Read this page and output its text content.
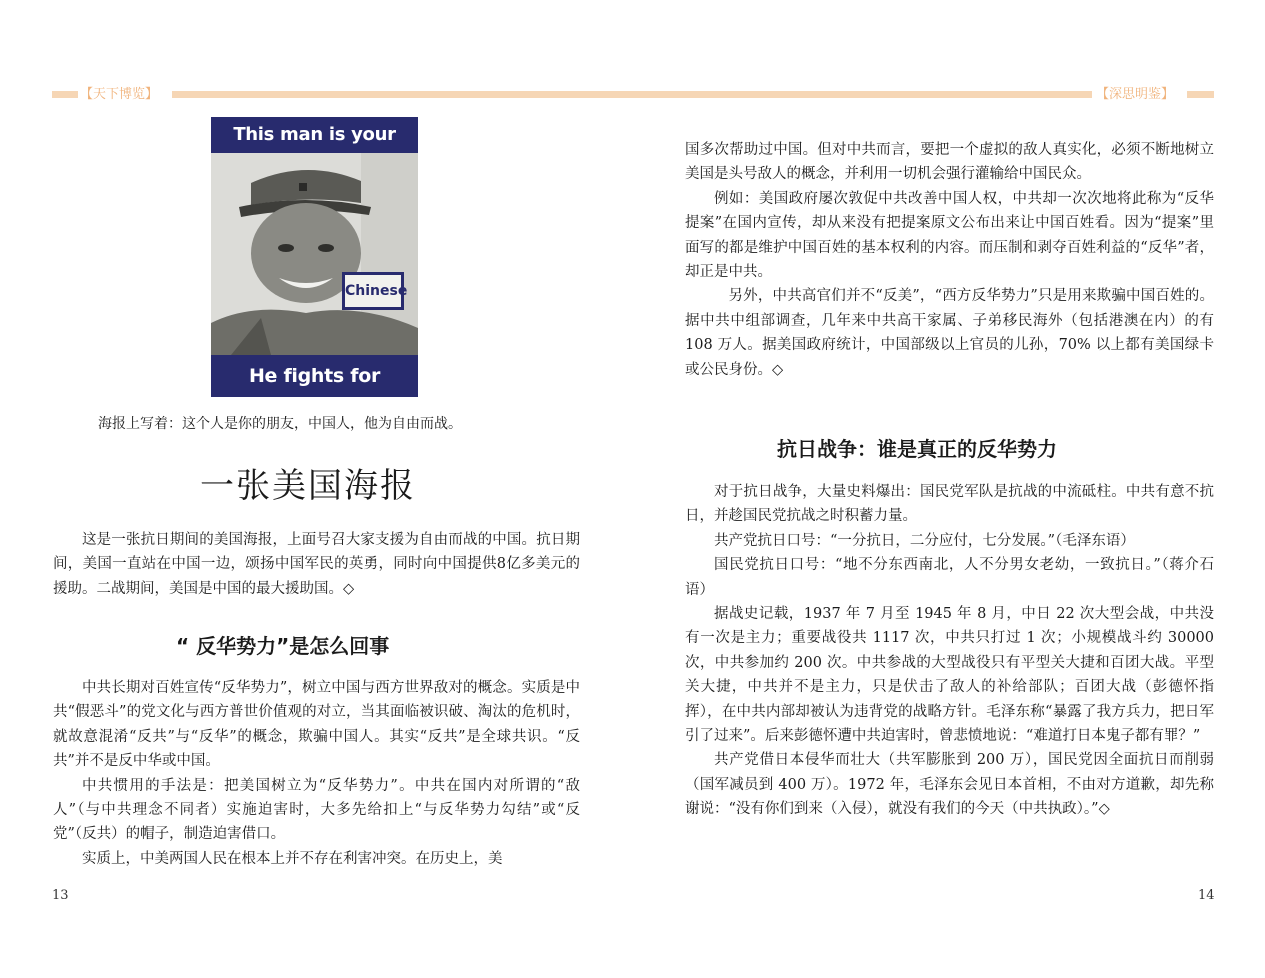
【天下博览】	【深思明鉴】
This man is your
Chinese
He fights for
海报上写着：这个人是你的朋友，中国人，他为自由而战。
一张美国海报

这是一张抗日期间的美国海报，上面号召大家支援为自由而战的中国。抗日期间，美国一直站在中国一边，颂扬中国军民的英勇，同时向中国提供8亿多美元的援助。二战期间，美国是中国的最大援助国。◇

“ 反华势力”是怎么回事

中共长期对百姓宣传“反华势力”，树立中国与西方世界敌对的概念。实质是中共“假恶斗”的党文化与西方普世价值观的对立，当其面临被识破、淘汰的危机时，就故意混淆“反共”与“反华”的概念，欺骗中国人。其实“反共”是全球共识。“反共”并不是反中华或中国。

中共惯用的手法是：把美国树立为“反华势力”。中共在国内对所谓的“敌人”（与中共理念不同者）实施迫害时，大多先给扣上“与反华势力勾结”或“反党”（反共）的帽子，制造迫害借口。

实质上，中美两国人民在根本上并不存在利害冲突。在历史上，美

13

国多次帮助过中国。但对中共而言，要把一个虚拟的敌人真实化，必须不断地树立美国是头号敌人的概念，并利用一切机会强行灌输给中国民众。

例如：美国政府屡次敦促中共改善中国人权，中共却一次次地将此称为“反华提案”在国内宣传，却从来没有把提案原文公布出来让中国百姓看。因为“提案”里面写的都是维护中国百姓的基本权利的内容。而压制和剥夺百姓利益的“反华”者，却正是中共。

另外，中共高官们并不“反美”，“西方反华势力”只是用来欺骗中国百姓的。据中共中组部调查，几年来中共高干家属、子弟移民海外（包括港澳在内）的有 108 万人。据美国政府统计，中国部级以上官员的儿孙，70% 以上都有美国绿卡或公民身份。◇

抗日战争：谁是真正的反华势力

对于抗日战争，大量史料爆出：国民党军队是抗战的中流砥柱。中共有意不抗日，并趁国民党抗战之时积蓄力量。

共产党抗日口号：“一分抗日，二分应付，七分发展。”（毛泽东语）

国民党抗日口号：“地不分东西南北，人不分男女老幼，一致抗日。”（蒋介石语）

据战史记载，1937 年 7 月至 1945 年 8 月，中日 22 次大型会战，中共没有一次是主力；重要战役共 1117 次，中共只打过 1 次；小规模战斗约 30000 次，中共参加约 200 次。中共参战的大型战役只有平型关大捷和百团大战。平型关大捷，中共并不是主力，只是伏击了敌人的补给部队；百团大战（彭德怀指挥），在中共内部却被认为违背党的战略方针。毛泽东称“暴露了我方兵力，把日军引了过来”。后来彭德怀遭中共迫害时，曾悲愤地说：“难道打日本鬼子都有罪？”

共产党借日本侵华而壮大（共军膨胀到 200 万），国民党因全面抗日而削弱（国军减员到 400 万）。1972 年，毛泽东会见日本首相，不由对方道歉，却先称谢说：“没有你们到来（入侵），就没有我们的今天（中共执政）。”◇

14
